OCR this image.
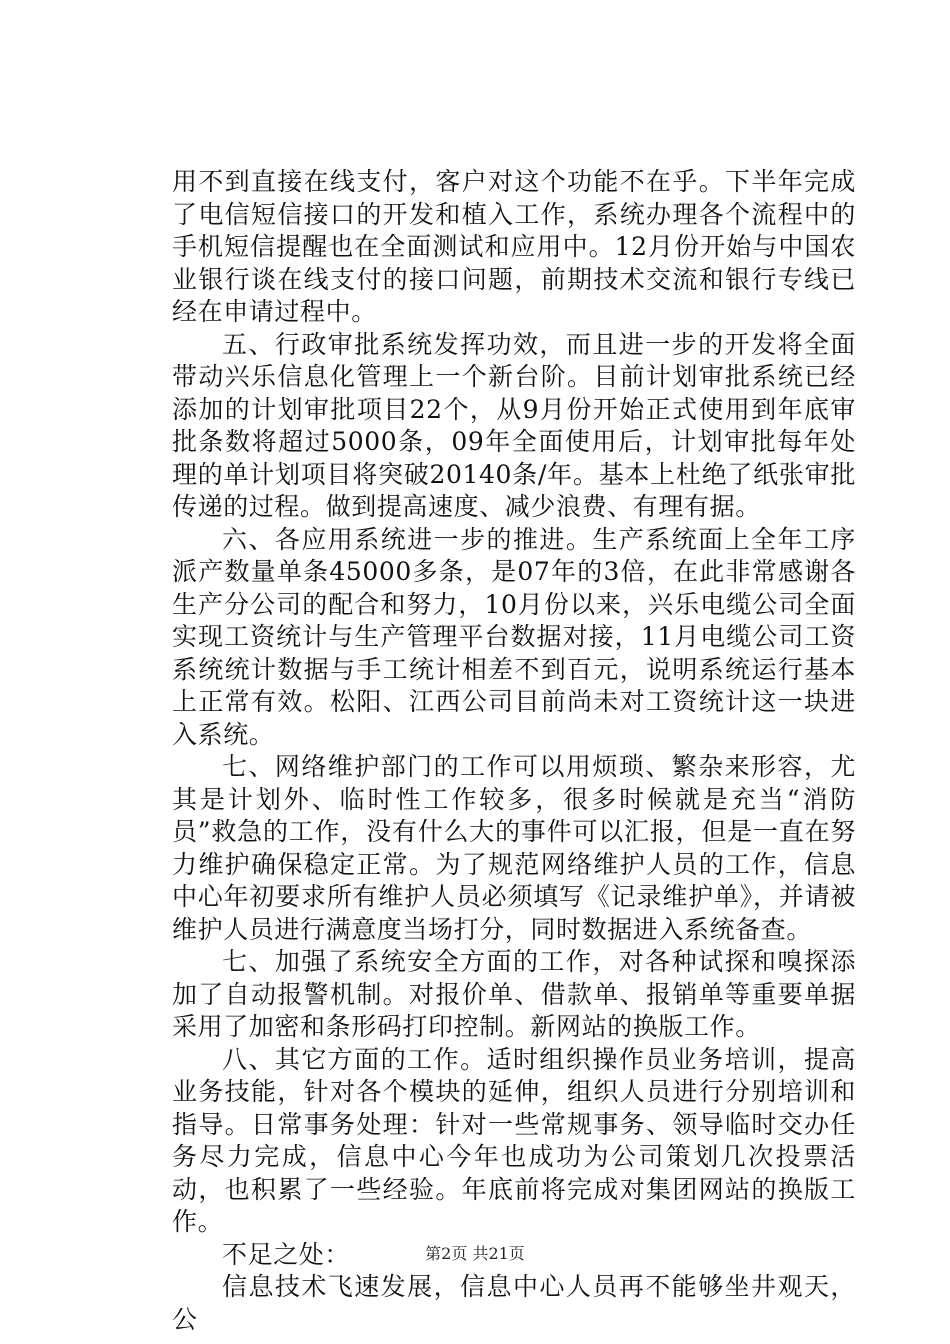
用不到直接在线支付，客户对这个功能不在乎。下半年完成了电信短信接口的开发和植入工作，系统办理各个流程中的手机短信提醒也在全面测试和应用中。12月份开始与中国农业银行谈在线支付的接口问题，前期技术交流和银行专线已经在申请过程中。

五、行政审批系统发挥功效，而且进一步的开发将全面带动兴乐信息化管理上一个新台阶。目前计划审批系统已经添加的计划审批项目22个，从9月份开始正式使用到年底审批条数将超过5000条，09年全面使用后，计划审批每年处理的单计划项目将突破20140条/年。基本上杜绝了纸张审批传递的过程。做到提高速度、减少浪费、有理有据。

六、各应用系统进一步的推进。生产系统面上全年工序派产数量单条45000多条，是07年的3倍，在此非常感谢各生产分公司的配合和努力，10月份以来，兴乐电缆公司全面实现工资统计与生产管理平台数据对接，11月电缆公司工资系统统计数据与手工统计相差不到百元，说明系统运行基本上正常有效。松阳、江西公司目前尚未对工资统计这一块进入系统。

七、网络维护部门的工作可以用烦琐、繁杂来形容，尤其是计划外、临时性工作较多，很多时候就是充当“消防员”救急的工作，没有什么大的事件可以汇报，但是一直在努力维护确保稳定正常。为了规范网络维护人员的工作，信息中心年初要求所有维护人员必须填写《记录维护单》，并请被维护人员进行满意度当场打分，同时数据进入系统备查。

七、加强了系统安全方面的工作，对各种试探和嗅探添加了自动报警机制。对报价单、借款单、报销单等重要单据采用了加密和条形码打印控制。新网站的换版工作。

八、其它方面的工作。适时组织操作员业务培训，提高业务技能，针对各个模块的延伸，组织人员进行分别培训和指导。日常事务处理：针对一些常规事务、领导临时交办任务尽力完成，信息中心今年也成功为公司策划几次投票活动，也积累了一些经验。年底前将完成对集团网站的换版工作。

不足之处：

信息技术飞速发展，信息中心人员再不能够坐井观天，公

第2页 共21页
